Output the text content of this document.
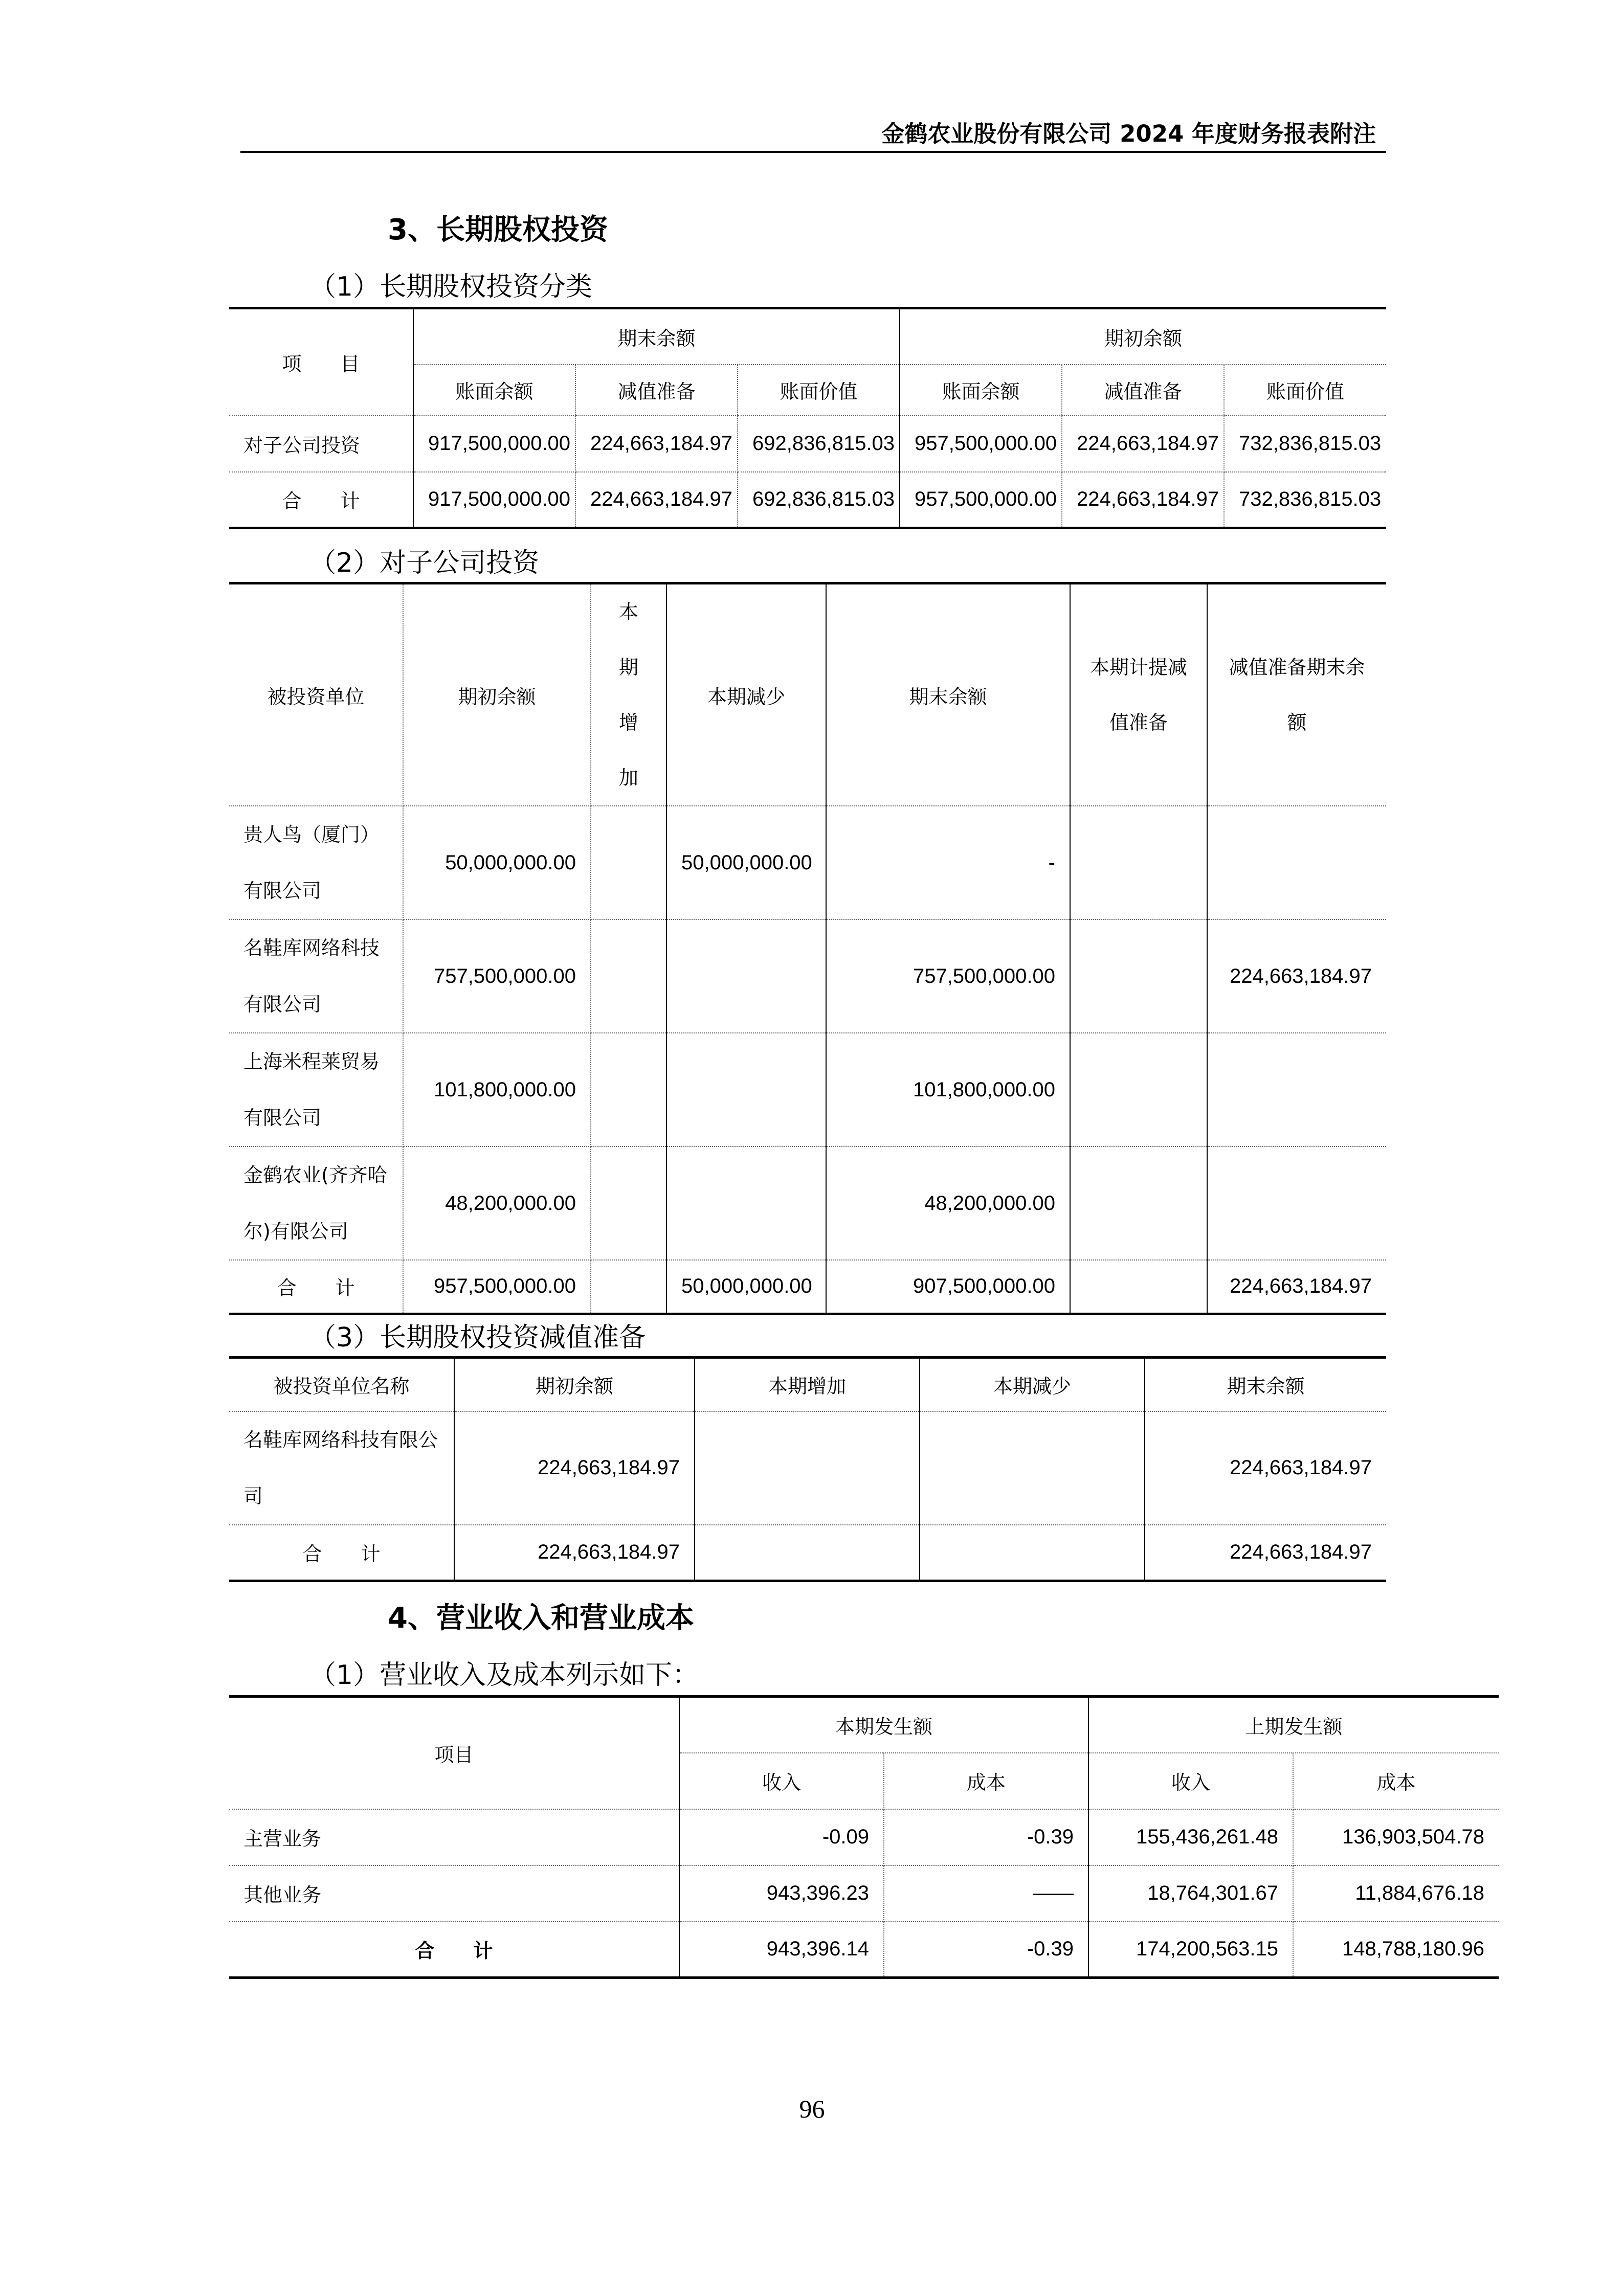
金鹤农业股份有限公司 2024 年度财务报表附注
3、长期股权投资
（1）长期股权投资分类
项　　目	期末余额			期初余额		
	账面余额	减值准备	账面价值	账面余额	减值准备	账面价值
对子公司投资	917,500,000.00	224,663,184.97	692,836,815.03	957,500,000.00	224,663,184.97	732,836,815.03
合　　计	917,500,000.00	224,663,184.97	692,836,815.03	957,500,000.00	224,663,184.97	732,836,815.03
（2）对子公司投资
被投资单位	期初余额	本期增加	本期减少	期末余额	本期计提减值准备	减值准备期末余额
贵人鸟（厦门）有限公司	50,000,000.00		50,000,000.00	-		
名鞋库网络科技有限公司	757,500,000.00			757,500,000.00		224,663,184.97
上海米程莱贸易有限公司	101,800,000.00			101,800,000.00		
金鹤农业(齐齐哈尔)有限公司	48,200,000.00			48,200,000.00		
合　　计	957,500,000.00		50,000,000.00	907,500,000.00		224,663,184.97
（3）长期股权投资减值准备
被投资单位名称	期初余额	本期增加	本期减少	期末余额
名鞋库网络科技有限公司	224,663,184.97			224,663,184.97
合　　计	224,663,184.97			224,663,184.97
4、营业收入和营业成本
（1）营业收入及成本列示如下：
项目	本期发生额		上期发生额	
	收入	成本	收入	成本
主营业务	-0.09	-0.39	155,436,261.48	136,903,504.78
其他业务	943,396.23	——	18,764,301.67	11,884,676.18
合　　计	943,396.14	-0.39	174,200,563.15	148,788,180.96
96
